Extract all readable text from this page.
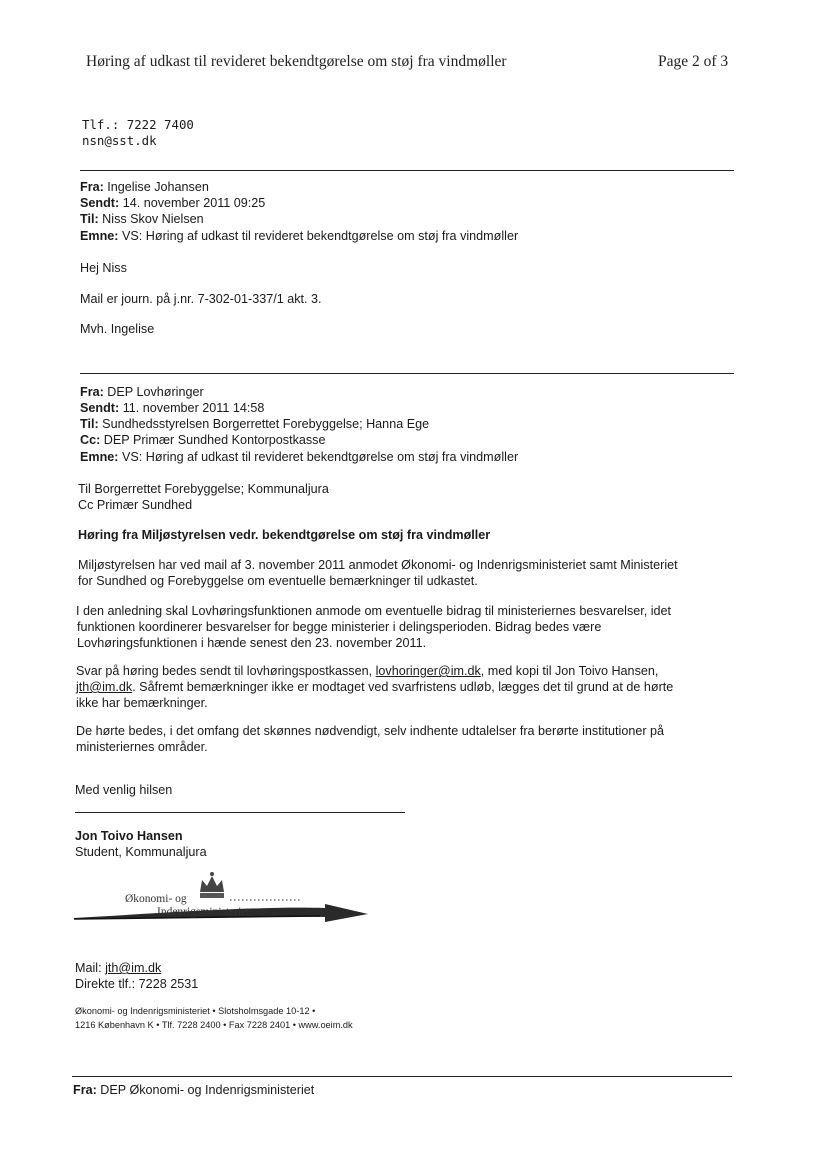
Høring af udkast til revideret bekendtgørelse om støj fra vindmøller	Page 2 of 3
Tlf.: 7222 7400
nsn@sst.dk
Fra: Ingelise Johansen
Sendt: 14. november 2011 09:25
Til: Niss Skov Nielsen
Emne: VS: Høring af udkast til revideret bekendtgørelse om støj fra vindmøller
Hej Niss
Mail er journ. på j.nr. 7-302-01-337/1 akt. 3.
Mvh. Ingelise
Fra: DEP Lovhøringer
Sendt: 11. november 2011 14:58
Til: Sundhedsstyrelsen Borgerrettet Forebyggelse; Hanna Ege
Cc: DEP Primær Sundhed Kontorpostkasse
Emne: VS: Høring af udkast til revideret bekendtgørelse om støj fra vindmøller
Til Borgerrettet Forebyggelse; Kommunaljura
Cc Primær Sundhed
Høring fra Miljøstyrelsen vedr. bekendtgørelse om støj fra vindmøller
Miljøstyrelsen har ved mail af 3. november 2011 anmodet Økonomi- og Indenrigsministeriet samt Ministeriet
for Sundhed og Forebyggelse om eventuelle bemærkninger til udkastet.
I den anledning skal Lovhøringsfunktionen anmode om eventuelle bidrag til ministeriernes besvarelser, idet
funktionen koordinerer besvarelser for begge ministerier i delingsperioden. Bidrag bedes være
Lovhøringsfunktionen i hænde senest den 23. november 2011.
Svar på høring bedes sendt til lovhøringspostkassen, lovhoringer@im.dk, med kopi til Jon Toivo Hansen,
jth@im.dk. Såfremt bemærkninger ikke er modtaget ved svarfristens udløb, lægges det til grund at de hørte
ikke har bemærkninger.
De hørte bedes, i det omfang det skønnes nødvendigt, selv indhente udtalelser fra berørte institutioner på
ministeriernes områder.
Med venlig hilsen
Jon Toivo Hansen
Student, Kommunaljura
Økonomi- og
Indenrigsministeriet
Mail: jth@im.dk
Direkte tlf.: 7228 2531
Økonomi- og Indenrigsministeriet • Slotsholmsgade 10-12 •
1216 København K • Tlf. 7228 2400 • Fax 7228 2401 • www.oeim.dk
Fra: DEP Økonomi- og Indenrigsministeriet
